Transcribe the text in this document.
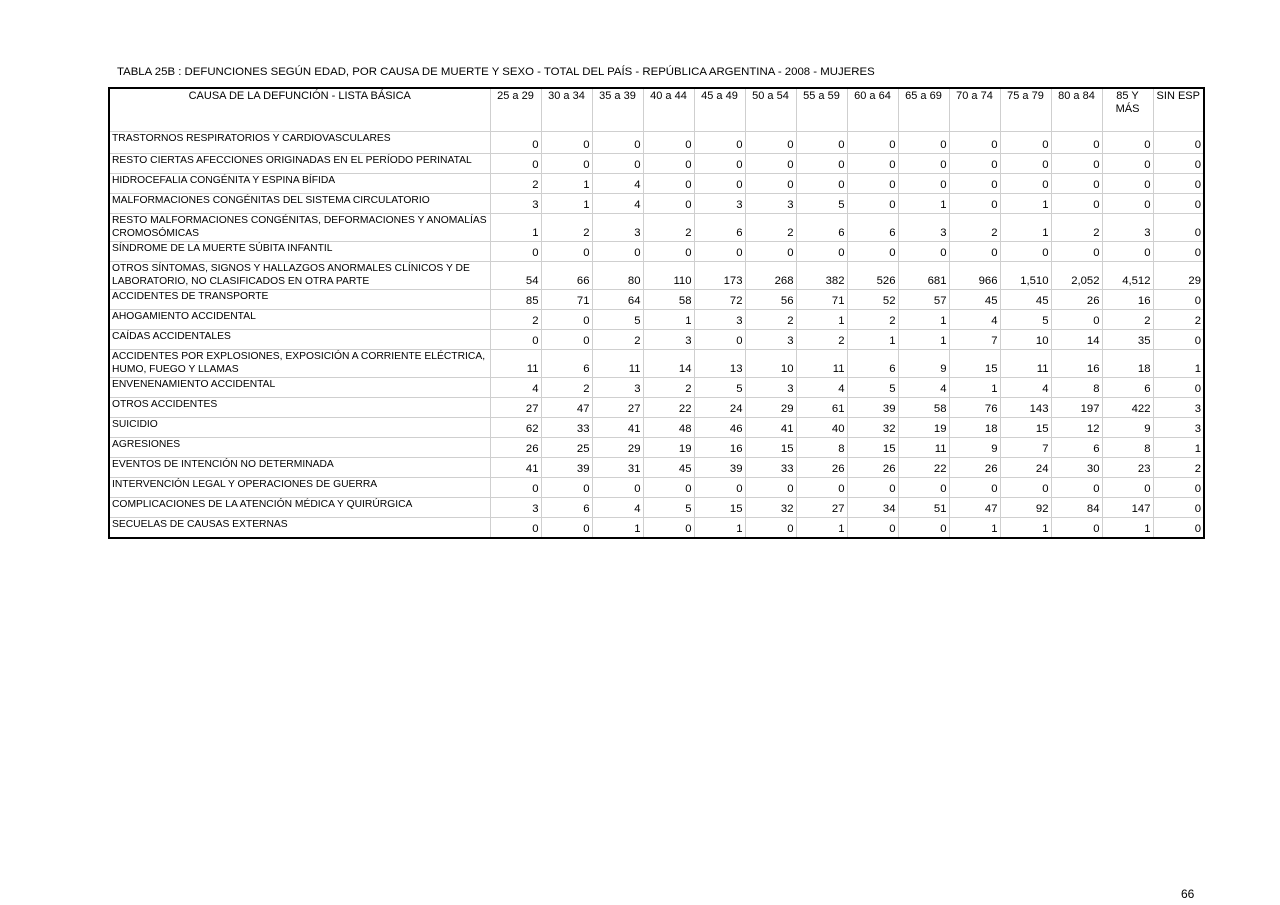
TABLA 25B : DEFUNCIONES SEGÚN EDAD, POR CAUSA DE MUERTE Y SEXO - TOTAL DEL PAÍS - REPÚBLICA ARGENTINA - 2008 - MUJERES
CAUSA DE LA DEFUNCIÓN - LISTA BÁSICA	25 a 29	30 a 34	35 a 39	40 a 44	45 a 49	50 a 54	55 a 59	60 a 64	65 a 69	70 a 74	75 a 79	80 a 84	85 Y MÁS	SIN ESP
TRASTORNOS RESPIRATORIOS Y CARDIOVASCULARES	0	0	0	0	0	0	0	0	0	0	0	0	0	0
RESTO CIERTAS AFECCIONES ORIGINADAS EN EL PERÍODO PERINATAL	0	0	0	0	0	0	0	0	0	0	0	0	0	0
HIDROCEFALIA CONGÉNITA Y ESPINA BÍFIDA	2	1	4	0	0	0	0	0	0	0	0	0	0	0
MALFORMACIONES CONGÉNITAS DEL SISTEMA CIRCULATORIO	3	1	4	0	3	3	5	0	1	0	1	0	0	0
RESTO MALFORMACIONES CONGÉNITAS, DEFORMACIONES Y ANOMALÍAS CROMOSÓMICAS	1	2	3	2	6	2	6	6	3	2	1	2	3	0
SÍNDROME DE LA MUERTE SÚBITA INFANTIL	0	0	0	0	0	0	0	0	0	0	0	0	0	0
OTROS SÍNTOMAS, SIGNOS Y HALLAZGOS ANORMALES CLÍNICOS Y DE LABORATORIO, NO CLASIFICADOS EN OTRA PARTE	54	66	80	110	173	268	382	526	681	966	1,510	2,052	4,512	29
ACCIDENTES DE TRANSPORTE	85	71	64	58	72	56	71	52	57	45	45	26	16	0
AHOGAMIENTO ACCIDENTAL	2	0	5	1	3	2	1	2	1	4	5	0	2	2
CAÍDAS ACCIDENTALES	0	0	2	3	0	3	2	1	1	7	10	14	35	0
ACCIDENTES POR EXPLOSIONES, EXPOSICIÓN A CORRIENTE ELÉCTRICA, HUMO, FUEGO Y LLAMAS	11	6	11	14	13	10	11	6	9	15	11	16	18	1
ENVENENAMIENTO ACCIDENTAL	4	2	3	2	5	3	4	5	4	1	4	8	6	0
OTROS ACCIDENTES	27	47	27	22	24	29	61	39	58	76	143	197	422	3
SUICIDIO	62	33	41	48	46	41	40	32	19	18	15	12	9	3
AGRESIONES	26	25	29	19	16	15	8	15	11	9	7	6	8	1
EVENTOS DE INTENCIÓN NO DETERMINADA	41	39	31	45	39	33	26	26	22	26	24	30	23	2
INTERVENCIÓN LEGAL Y OPERACIONES DE GUERRA	0	0	0	0	0	0	0	0	0	0	0	0	0	0
COMPLICACIONES DE LA ATENCIÓN MÉDICA Y QUIRÚRGICA	3	6	4	5	15	32	27	34	51	47	92	84	147	0
SECUELAS DE CAUSAS EXTERNAS	0	0	1	0	1	0	1	0	0	1	1	0	1	0
66
